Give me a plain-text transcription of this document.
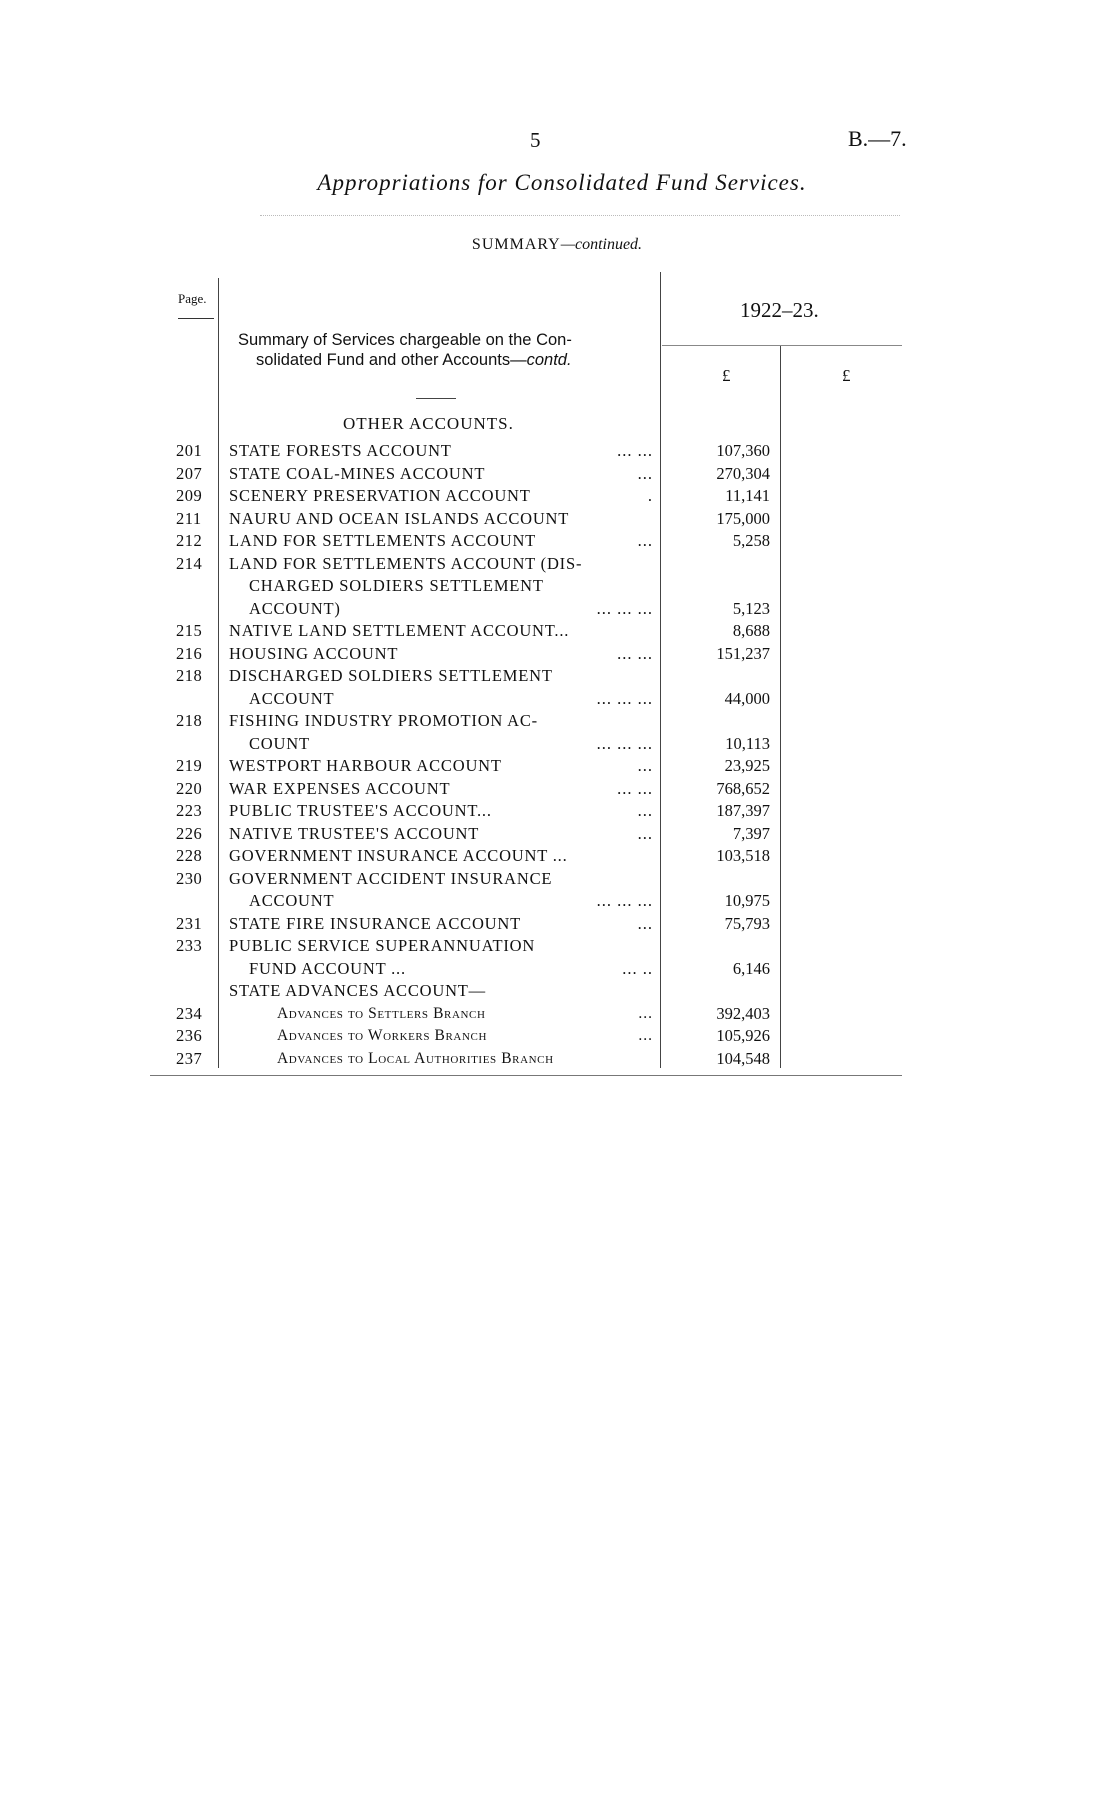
5	B.—7.
Appropriations for Consolidated Fund Services.
SUMMARY—continued.
Page.
Summary of Services chargeable on the Con-
solidated Fund and other Accounts—contd.
1922–23.
£	£
OTHER ACCOUNTS.
201	STATE FORESTS ACCOUNT	... ...	107,360
207	STATE COAL-MINES ACCOUNT	...	270,304
209	SCENERY PRESERVATION ACCOUNT	.	11,141
211	NAURU AND OCEAN ISLANDS ACCOUNT	175,000
212	LAND FOR SETTLEMENTS ACCOUNT	...	5,258
214	LAND FOR SETTLEMENTS ACCOUNT (DIS-
CHARGED SOLDIERS SETTLEMENT
ACCOUNT)	... ... ...	5,123
215	NATIVE LAND SETTLEMENT ACCOUNT...	8,688
216	HOUSING ACCOUNT	... ...	151,237
218	DISCHARGED SOLDIERS SETTLEMENT
ACCOUNT	... ... ...	44,000
218	FISHING INDUSTRY PROMOTION AC-
COUNT	... ... ...	10,113
219	WESTPORT HARBOUR ACCOUNT	...	23,925
220	WAR EXPENSES ACCOUNT	... ...	768,652
223	PUBLIC TRUSTEE'S ACCOUNT...	...	187,397
226	NATIVE TRUSTEE'S ACCOUNT	...	7,397
228	GOVERNMENT INSURANCE ACCOUNT ...	103,518
230	GOVERNMENT ACCIDENT INSURANCE
ACCOUNT	... ... ...	10,975
231	STATE FIRE INSURANCE ACCOUNT	...	75,793
233	PUBLIC SERVICE SUPERANNUATION
FUND ACCOUNT ...	... ..	6,146
STATE ADVANCES ACCOUNT—
234	Advances to Settlers Branch	...	392,403
236	Advances to Workers Branch	...	105,926
237	Advances to Local Authorities Branch	104,548
